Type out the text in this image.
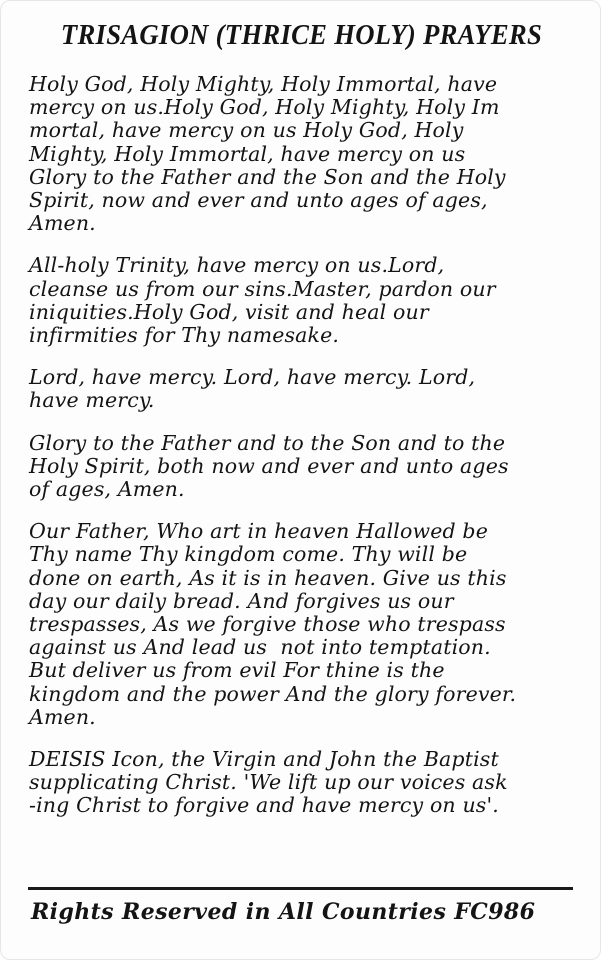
TRISAGION (THRICE HOLY) PRAYERS
Holy God, Holy Mighty, Holy Immortal, have
mercy on us.Holy God, Holy Mighty, Holy Im
mortal, have mercy on us Holy God, Holy
Mighty, Holy Immortal, have mercy on us
Glory to the Father and the Son and the Holy
Spirit, now and ever and unto ages of ages,
Amen.
All-holy Trinity, have mercy on us.Lord,
cleanse us from our sins.Master, pardon our
iniquities.Holy God, visit and heal our
infirmities for Thy namesake.
Lord, have mercy. Lord, have mercy. Lord,
have mercy.
Glory to the Father and to the Son and to the
Holy Spirit, both now and ever and unto ages
of ages, Amen.
Our Father, Who art in heaven Hallowed be
Thy name Thy kingdom come. Thy will be
done on earth, As it is in heaven. Give us this
day our daily bread. And forgives us our
trespasses, As we forgive those who trespass
against us And lead us  not into temptation.
But deliver us from evil For thine is the
kingdom and the power And the glory forever.
Amen.
DEISIS Icon, the Virgin and John the Baptist
supplicating Christ. 'We lift up our voices ask
-ing Christ to forgive and have mercy on us'.
Rights Reserved in All Countries FC986
